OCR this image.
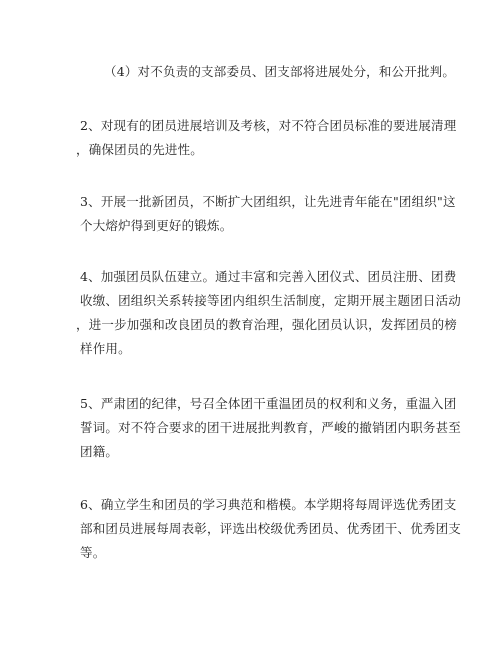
（4）对不负责的支部委员、团支部将进展处分，和公开批判。

2、对现有的团员进展培训及考核，对不符合团员标准的要进展清理
，确保团员的先进性。

3、开展一批新团员，不断扩大团组织，让先进青年能在"团组织"这
个大熔炉得到更好的锻炼。

4、加强团员队伍建立。通过丰富和完善入团仪式、团员注册、团费
收缴、团组织关系转接等团内组织生活制度，定期开展主题团日活动
，进一步加强和改良团员的教育治理，强化团员认识，发挥团员的榜
样作用。

5、严肃团的纪律，号召全体团干重温团员的权利和义务，重温入团
誓词。对不符合要求的团干进展批判教育，严峻的撤销团内职务甚至
团籍。

6、确立学生和团员的学习典范和楷模。本学期将每周评选优秀团支
部和团员进展每周表彰，评选出校级优秀团员、优秀团干、优秀团支
等。
